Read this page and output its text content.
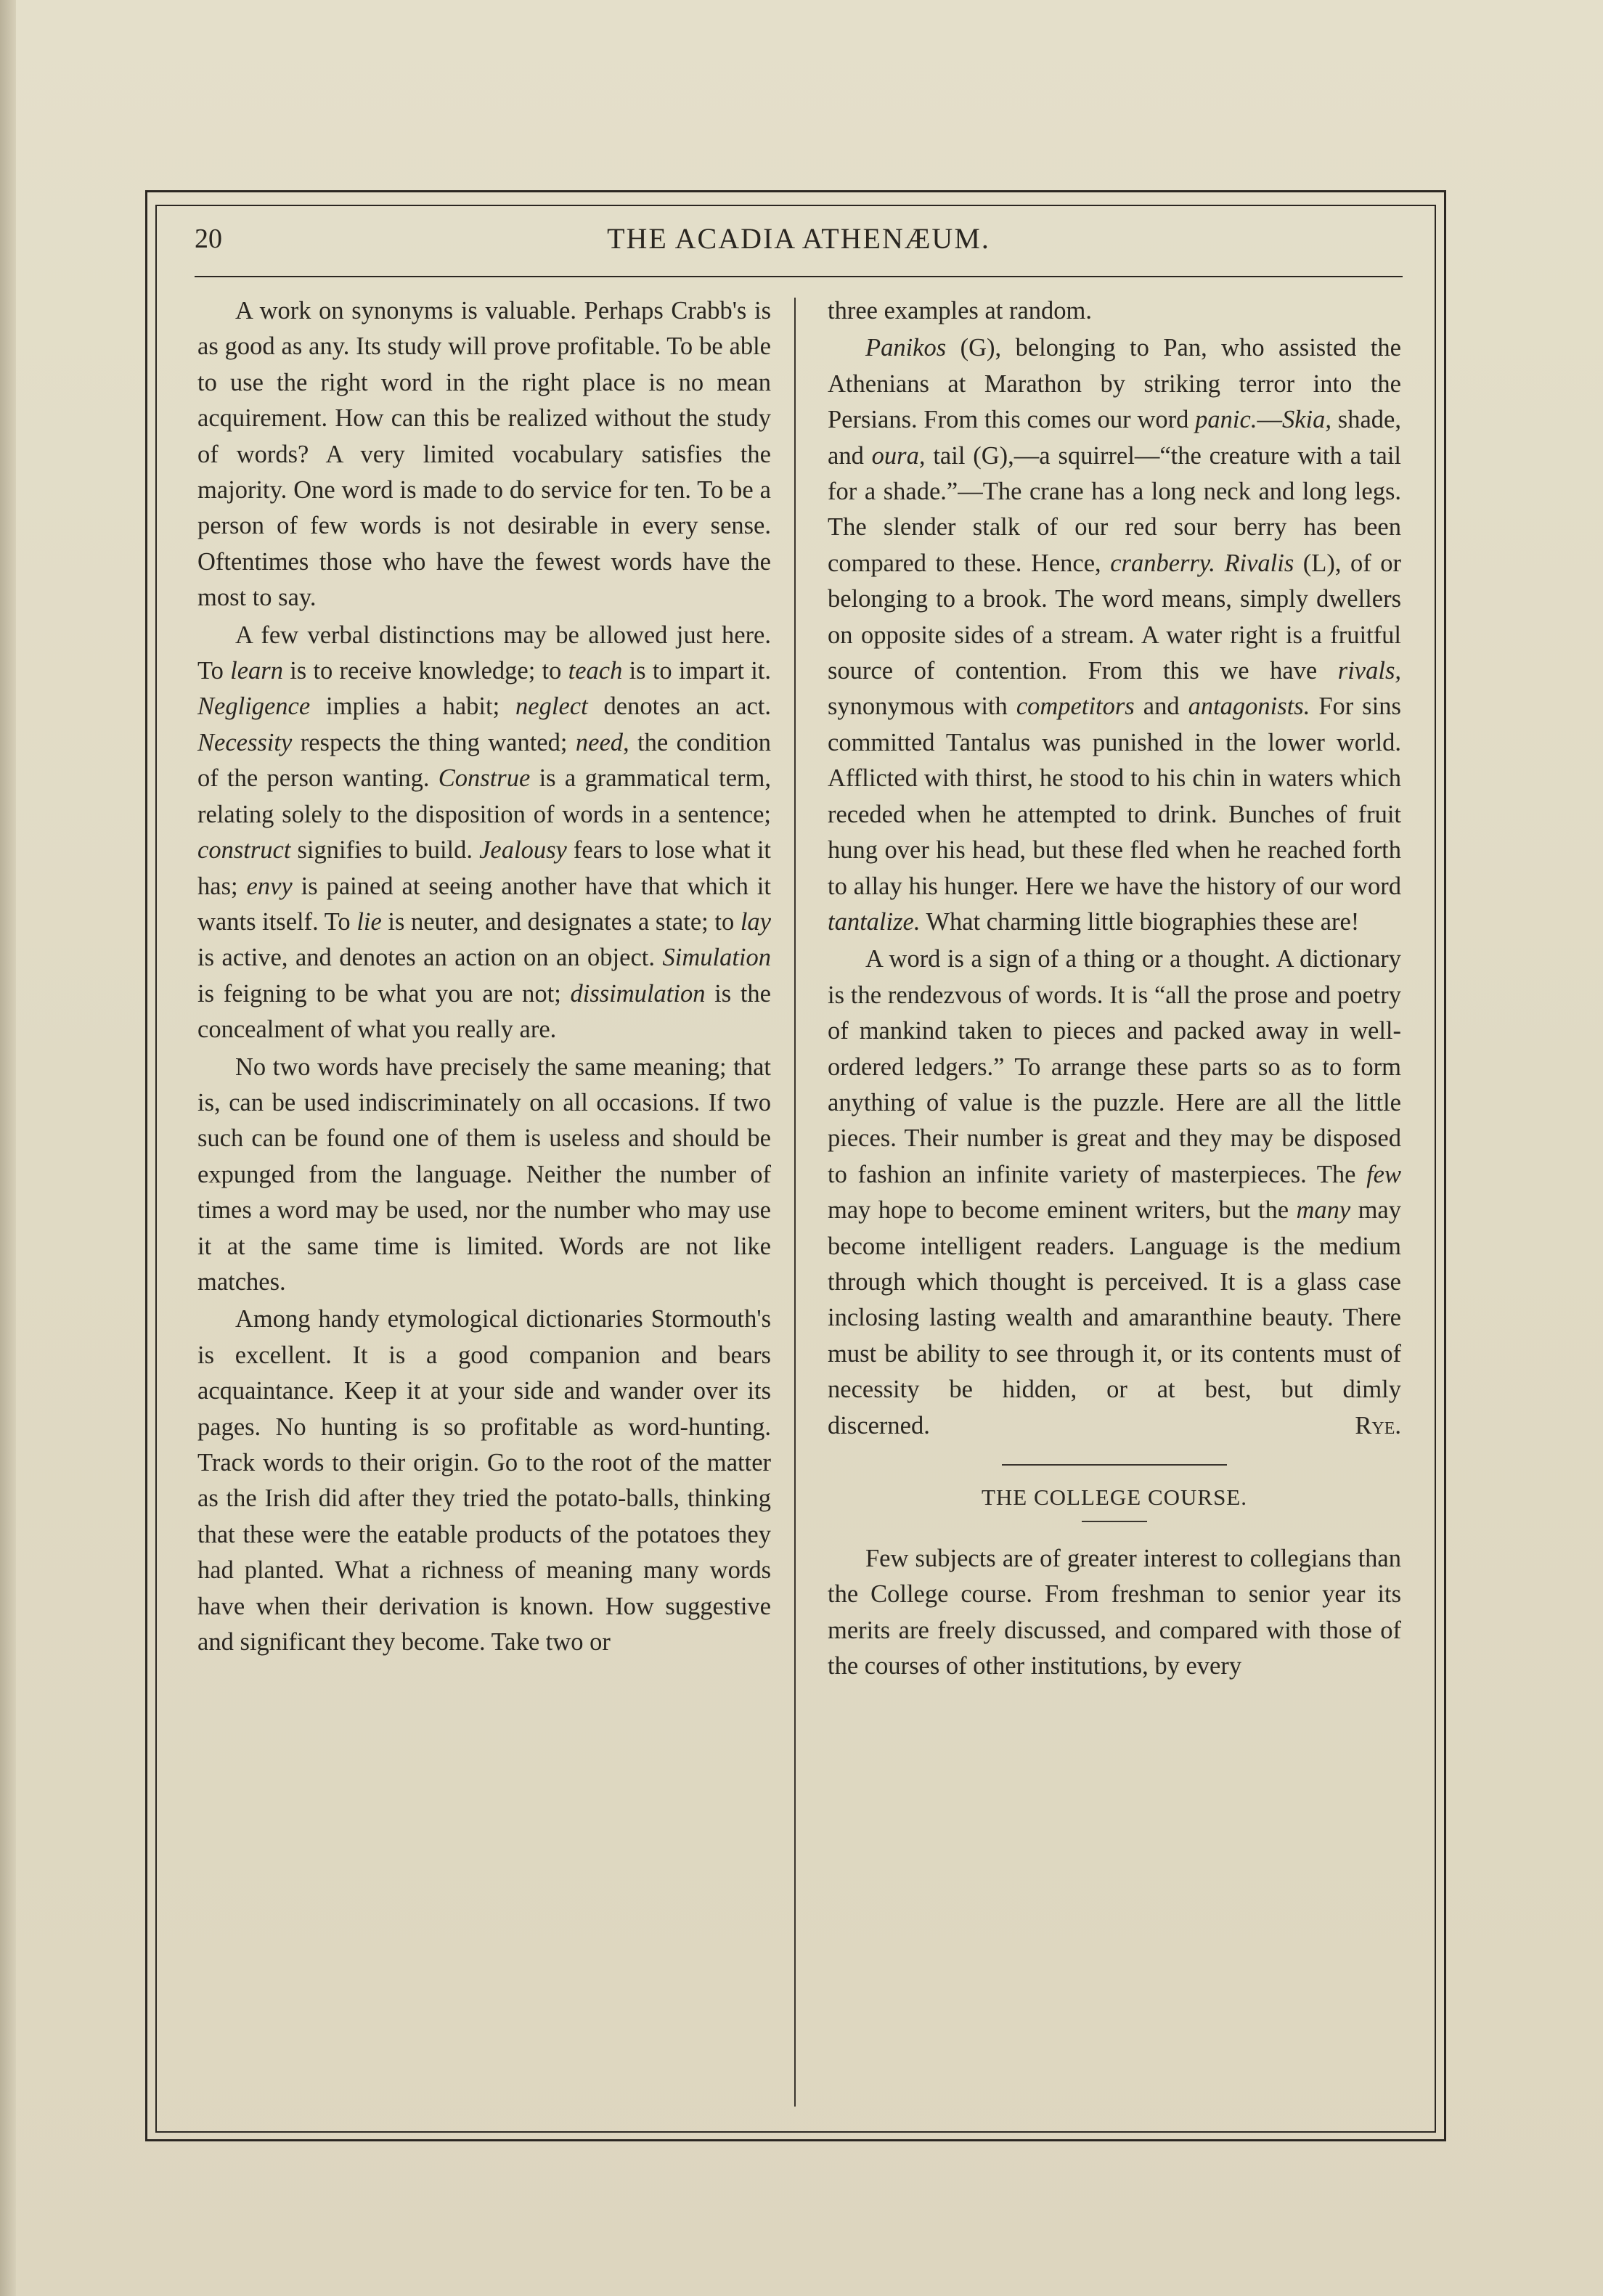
20	THE ACADIA ATHENÆUM.

A work on synonyms is valuable. Perhaps Crabb's is as good as any. Its study will prove profitable. To be able to use the right word in the right place is no mean acquirement. How can this be realized without the study of words? A very limited vocabulary satisfies the majority. One word is made to do service for ten. To be a person of few words is not desirable in every sense. Oftentimes those who have the fewest words have the most to say.

A few verbal distinctions may be allowed just here. To learn is to receive knowledge; to teach is to impart it. Negligence implies a habit; neglect denotes an act. Necessity respects the thing wanted; need, the condition of the person wanting. Construe is a grammatical term, relating solely to the disposition of words in a sentence; construct signifies to build. Jealousy fears to lose what it has; envy is pained at seeing another have that which it wants itself. To lie is neuter, and designates a state; to lay is active, and denotes an action on an object. Simulation is feigning to be what you are not; dissimulation is the concealment of what you really are.

No two words have precisely the same meaning; that is, can be used indiscriminately on all occasions. If two such can be found one of them is useless and should be expunged from the language. Neither the number of times a word may be used, nor the number who may use it at the same time is limited. Words are not like matches.

Among handy etymological dictionaries Stormouth's is excellent. It is a good companion and bears acquaintance. Keep it at your side and wander over its pages. No hunting is so profitable as word-hunting. Track words to their origin. Go to the root of the matter as the Irish did after they tried the potato-balls, thinking that these were the eatable products of the potatoes they had planted. What a richness of meaning many words have when their derivation is known. How suggestive and significant they become. Take two or

three examples at random.

Panikos (G), belonging to Pan, who assisted the Athenians at Marathon by striking terror into the Persians. From this comes our word panic.—Skia, shade, and oura, tail (G),—a squirrel—“the creature with a tail for a shade.”—The crane has a long neck and long legs. The slender stalk of our red sour berry has been compared to these. Hence, cranberry. Rivalis (L), of or belonging to a brook. The word means, simply dwellers on opposite sides of a stream. A water right is a fruitful source of contention. From this we have rivals, synonymous with competitors and antagonists. For sins committed Tantalus was punished in the lower world. Afflicted with thirst, he stood to his chin in waters which receded when he attempted to drink. Bunches of fruit hung over his head, but these fled when he reached forth to allay his hunger. Here we have the history of our word tantalize. What charming little biographies these are!

A word is a sign of a thing or a thought. A dictionary is the rendezvous of words. It is “all the prose and poetry of mankind taken to pieces and packed away in well-ordered ledgers.” To arrange these parts so as to form anything of value is the puzzle. Here are all the little pieces. Their number is great and they may be disposed to fashion an infinite variety of masterpieces. The few may hope to become eminent writers, but the many may become intelligent readers. Language is the medium through which thought is perceived. It is a glass case inclosing lasting wealth and amaranthine beauty. There must be ability to see through it, or its contents must of necessity be hidden, or at best, but dimly discerned.    	Rye.

THE COLLEGE COURSE.

Few subjects are of greater interest to collegians than the College course. From freshman to senior year its merits are freely discussed, and compared with those of the courses of other institutions, by every
